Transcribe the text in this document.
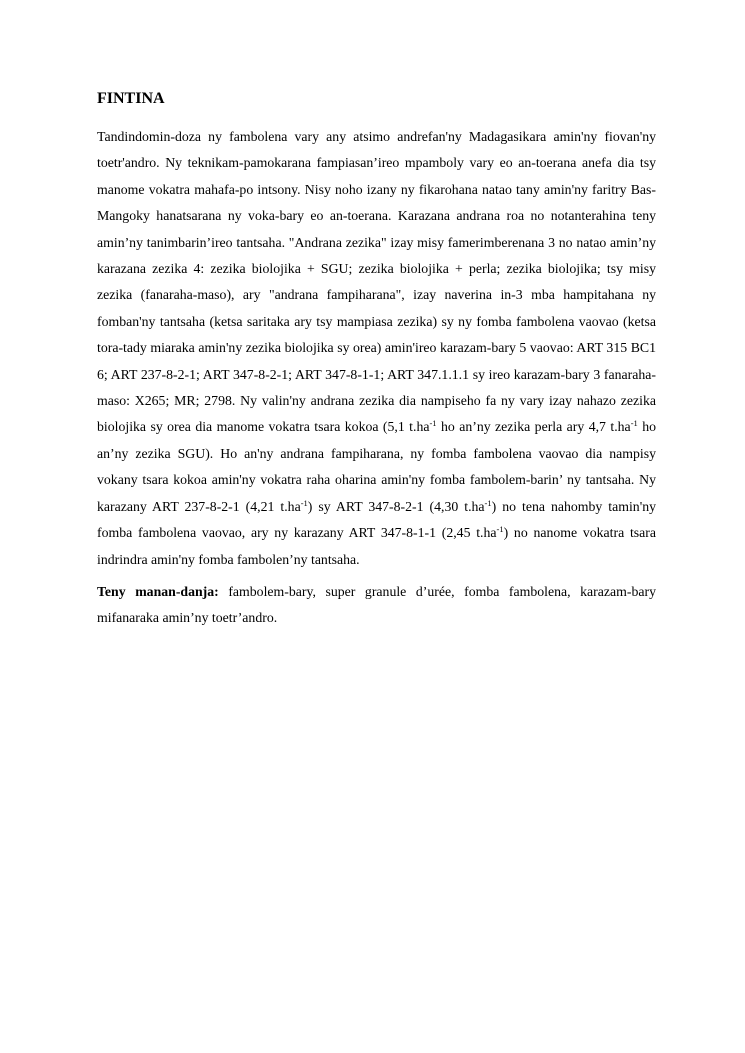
FINTINA

Tandindomin-doza ny fambolena vary any atsimo andrefan'ny Madagasikara amin'ny fiovan'ny toetr'andro. Ny teknikam-pamokarana fampiasan’ireo mpamboly vary eo an-toerana anefa dia tsy manome vokatra mahafa-po intsony. Nisy noho izany ny fikarohana natao tany amin'ny faritry Bas-Mangoky hanatsarana ny voka-bary eo an-toerana. Karazana andrana roa no notanterahina teny amin’ny tanimbarin’ireo tantsaha. "Andrana zezika" izay misy famerimberenana 3 no natao amin’ny karazana zezika 4: zezika biolojika + SGU; zezika biolojika + perla; zezika biolojika; tsy misy zezika (fanaraha-maso), ary "andrana fampiharana", izay naverina in-3 mba hampitahana ny fomban'ny tantsaha (ketsa saritaka ary tsy mampiasa zezika) sy ny fomba fambolena vaovao (ketsa tora-tady miaraka amin'ny zezika biolojika sy orea) amin'ireo karazam-bary 5 vaovao: ART 315 BC1 6; ART 237-8-2-1; ART 347-8-2-1; ART 347-8-1-1; ART 347.1.1.1 sy ireo karazam-bary 3 fanaraha-maso: X265; MR; 2798. Ny valin'ny andrana zezika dia nampiseho fa ny vary izay nahazo zezika biolojika sy orea dia manome vokatra tsara kokoa (5,1 $t.ha^{-1}$ ho an’ny zezika perla ary 4,7 $t.ha^{-1}$ ho an’ny zezika SGU). Ho an'ny andrana fampiharana, ny fomba fambolena vaovao dia nampisy vokany tsara kokoa amin'ny vokatra raha oharina amin'ny fomba fambolem-barin’ ny tantsaha. Ny karazany ART 237-8-2-1 (4,21 $t.ha^{-1}$) sy ART 347-8-2-1 (4,30 $t.ha^{-1}$) no tena nahomby tamin'ny fomba fambolena vaovao, ary ny karazany ART 347-8-1-1 (2,45 $t.ha^{-1}$) no nanome vokatra tsara indrindra amin'ny fomba fambolen’ny tantsaha.

Teny manan-danja: fambolem-bary, super granule d’urée, fomba fambolena, karazam-bary mifanaraka amin’ny toetr’andro.
